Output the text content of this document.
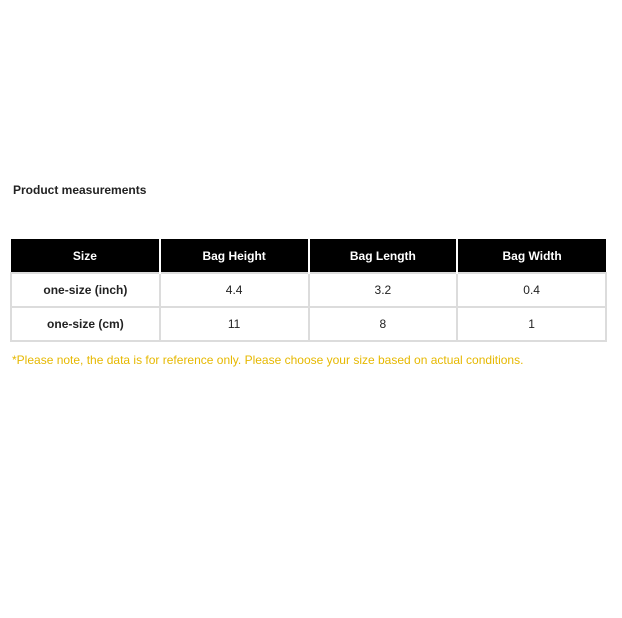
Product measurements
Size	Bag Height	Bag Length	Bag Width
one-size (inch)	4.4	3.2	0.4
one-size (cm)	11	8	1
*Please note, the data is for reference only. Please choose your size based on actual conditions.
